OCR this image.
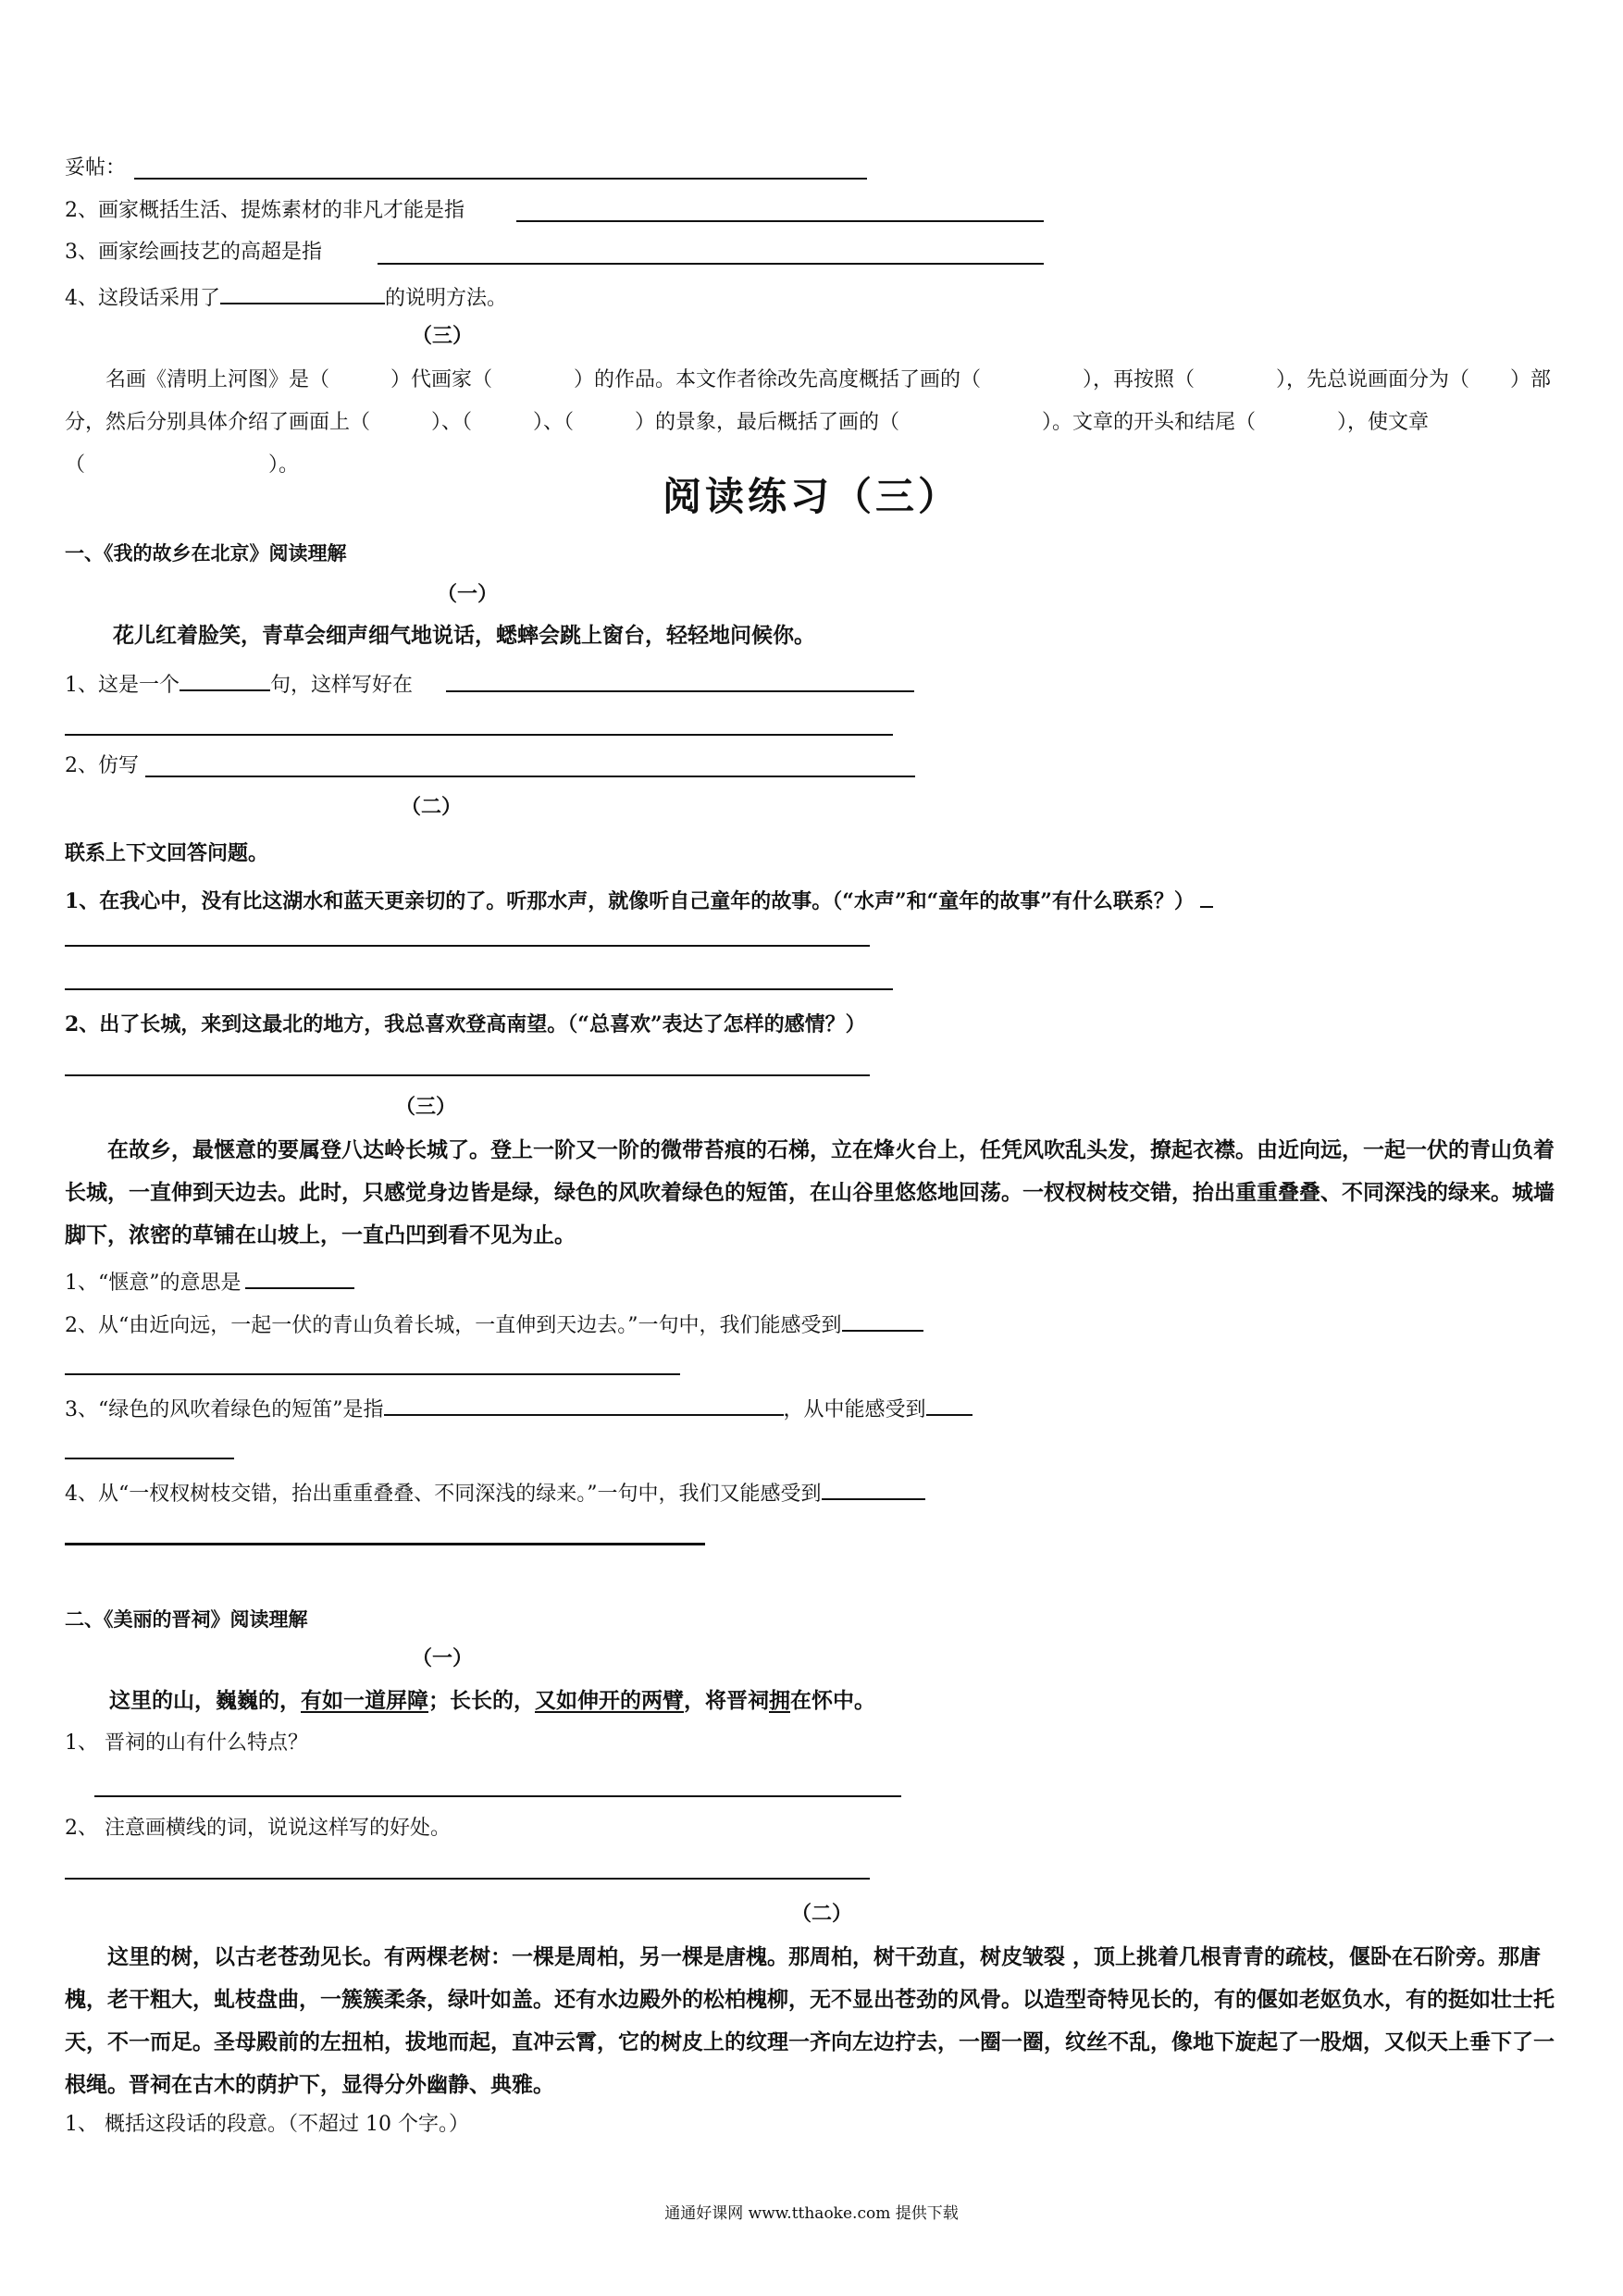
妥帖：
2、画家概括生活、提炼素材的非凡才能是指
3、画家绘画技艺的高超是指
4、这段话采用了	的说明方法。
（三）
名画《清明上河图》是（　　　）代画家（　　　　）的作品。本文作者徐改先高度概括了画的（　　　　　），再按照（　　　　），先总说画面分为（　　）部分，然后分别具体介绍了画面上（　　　）、（　　　）、（　　　）的景象，最后概括了画的（　　　　　　　）。文章的开头和结尾（　　　　），使文章（　　　　　　　　　）。
阅读练习（三）
一、《我的故乡在北京》阅读理解
（一）
花儿红着脸笑，青草会细声细气地说话，蟋蟀会跳上窗台，轻轻地问候你。
1、这是一个	句，这样写好在
2、仿写
（二）
联系上下文回答问题。
1、在我心中，没有比这湖水和蓝天更亲切的了。听那水声，就像听自己童年的故事。（“水声”和“童年的故事”有什么联系？）
2、出了长城，来到这最北的地方，我总喜欢登高南望。（“总喜欢”表达了怎样的感情？）
（三）
在故乡，最惬意的要属登八达岭长城了。登上一阶又一阶的微带苔痕的石梯，立在烽火台上，任凭风吹乱头发，撩起衣襟。由近向远，一起一伏的青山负着长城，一直伸到天边去。此时，只感觉身边皆是绿，绿色的风吹着绿色的短笛，在山谷里悠悠地回荡。一杈杈树枝交错，抬出重重叠叠、不同深浅的绿来。城墙脚下，浓密的草铺在山坡上，一直凸凹到看不见为止。
1、“惬意”的意思是
2、从“由近向远，一起一伏的青山负着长城，一直伸到天边去。”一句中，我们能感受到
3、“绿色的风吹着绿色的短笛”是指	，从中能感受到
4、从“一杈杈树枝交错，抬出重重叠叠、不同深浅的绿来。”一句中，我们又能感受到
二、《美丽的晋祠》阅读理解
（一）
这里的山，巍巍的，有如一道屏障；长长的，又如伸开的两臂，将晋祠拥在怀中。
1、 晋祠的山有什么特点？
2、 注意画横线的词，说说这样写的好处。
（二）
这里的树，以古老苍劲见长。有两棵老树：一棵是周柏，另一棵是唐槐。那周柏，树干劲直，树皮皱裂 ，顶上挑着几根青青的疏枝，偃卧在石阶旁。那唐槐，老干粗大，虬枝盘曲，一簇簇柔条，绿叶如盖。还有水边殿外的松柏槐柳，无不显出苍劲的风骨。以造型奇特见长的，有的偃如老妪负水，有的挺如壮士托天，不一而足。圣母殿前的左扭柏，拔地而起，直冲云霄，它的树皮上的纹理一齐向左边拧去，一圈一圈，纹丝不乱，像地下旋起了一股烟，又似天上垂下了一根绳。晋祠在古木的荫护下，显得分外幽静、典雅。
1、 概括这段话的段意。（不超过 10 个字。）
通通好课网 www.tthaoke.com 提供下载
